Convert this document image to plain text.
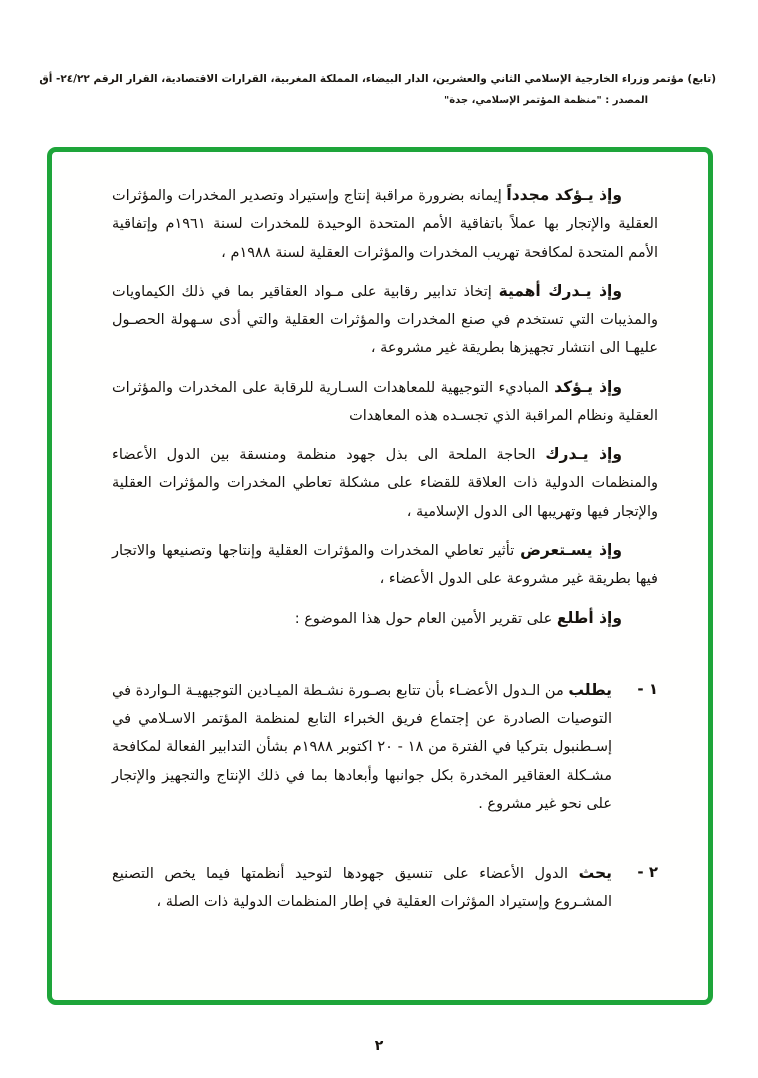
(تابع) مؤتمر وزراء الخارجية الإسلامي الثاني والعشرين، الدار البيضاء، المملكة المغربية، القرارات الاقتصادية، القرار الرقم ٢٤/٢٢- أق
المصدر : "منظمة المؤتمر الإسلامي، جدة"

وإذ يـؤكد مجدداً إيمانه بضرورة مراقبة إنتاج وإستيراد وتصدير المخدرات والمؤثرات العقلية والإتجار بها عملاً باتفاقية الأمم المتحدة الوحيدة للمخدرات لسنة ١٩٦١م وإتفاقية الأمم المتحدة لمكافحة تهريب المخدرات والمؤثرات العقلية لسنة ١٩٨٨م ،

وإذ يـدرك أهمية إتخاذ تدابير رقابية على مـواد العقاقير بما في ذلك الكيماويات والمذيبات التي تستخدم في صنع المخدرات والمؤثرات العقلية والتي أدى سـهولة الحصـول عليهـا الى انتشار تجهيزها بطريقة غير مشروعة ،

وإذ يـؤكد المباديء التوجيهية للمعاهدات السـارية للرقابة على المخدرات والمؤثرات العقلية ونظام المراقبة الذي تجسـده هذه المعاهدات

وإذ يـدرك الحاجة الملحة الى بذل جهود منظمة ومنسقة بين الدول الأعضاء والمنظمات الدولية ذات العلاقة للقضاء على مشكلة تعاطي المخدرات والمؤثرات العقلية والإتجار فيها وتهريبها الى الدول الإسلامية ،

وإذ يسـتعرض تأثير تعاطي المخدرات والمؤثرات العقلية وإنتاجها وتصنيعها والاتجار فيها بطريقة غير مشروعة على الدول الأعضاء ،

وإذ أطلع على تقرير الأمين العام حول هذا الموضوع :

١ -

يطلب من الـدول الأعضـاء بأن تتابع بصـورة نشـطة الميـادين التوجيهيـة الـواردة في التوصيات الصادرة عن إجتماع فريق الخبراء التابع لمنظمة المؤتمر الاسـلامي في إسـطنبول بتركيا في الفترة من ١٨ - ٢٠ اكتوبر ١٩٨٨م بشأن التدابير الفعالة لمكافحة مشـكلة العقاقير المخدرة بكل جوانبها وأبعادها بما في ذلك الإنتاج والتجهيز والإتجار على نحو غير مشروع .

٢ -

يحث الدول الأعضاء على تنسيق جهودها لتوحيد أنظمتها فيما يخص التصنيع المشـروع وإستيراد المؤثرات العقلية في إطار المنظمات الدولية ذات الصلة ،

٢
